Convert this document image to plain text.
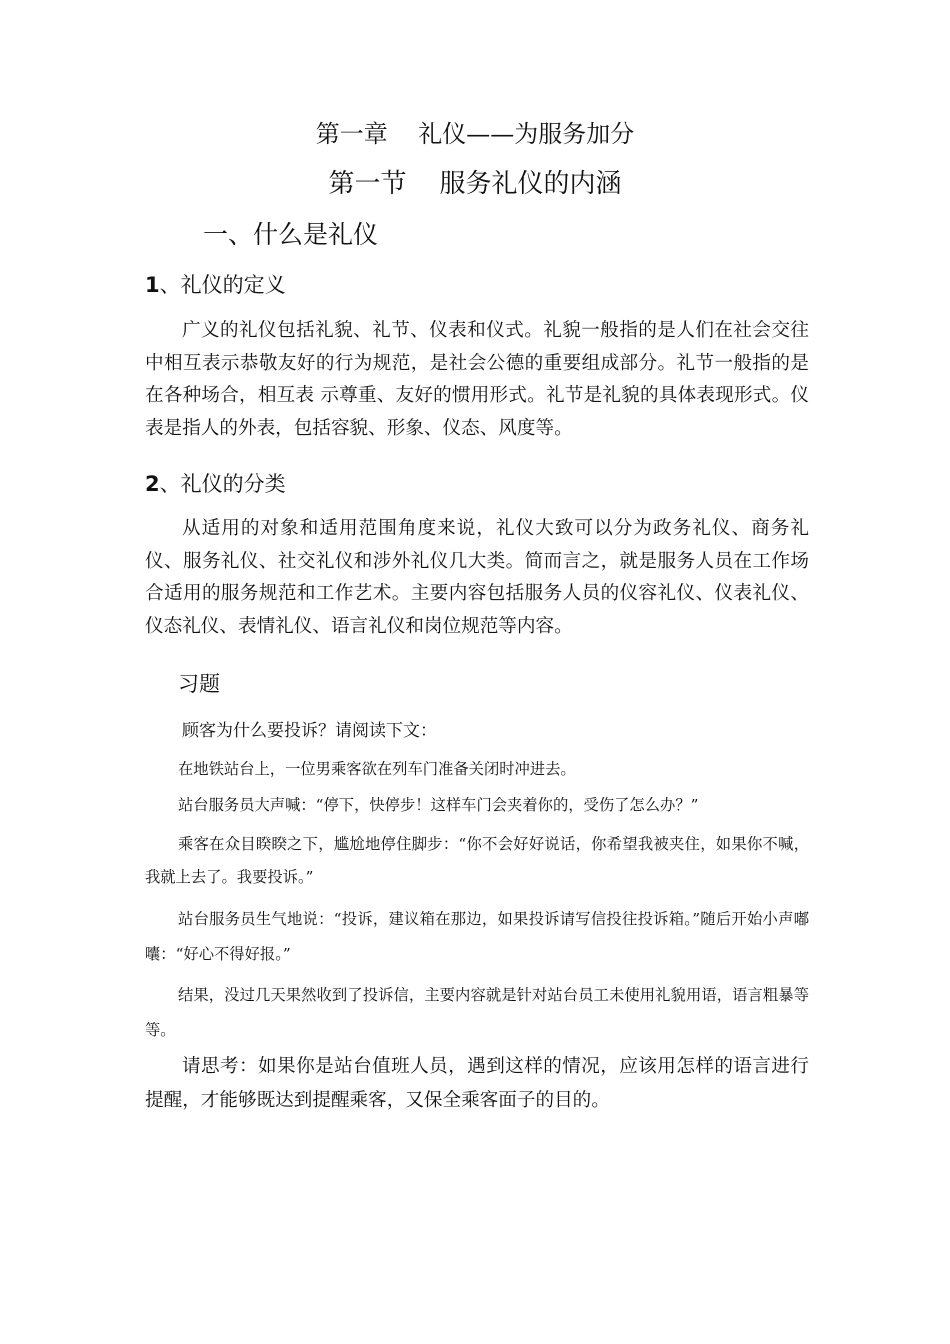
第一章    礼仪——为服务加分
第一节    服务礼仪的内涵
一、什么是礼仪
1、礼仪的定义

广义的礼仪包括礼貌、礼节、仪表和仪式。礼貌一般指的是人们在社会交往中相互表示恭敬友好的行为规范，是社会公德的重要组成部分。礼节一般指的是在各种场合，相互表 示尊重、友好的惯用形式。礼节是礼貌的具体表现形式。仪表是指人的外表，包括容貌、形象、仪态、风度等。

2、礼仪的分类

从适用的对象和适用范围角度来说，礼仪大致可以分为政务礼仪、商务礼仪、服务礼仪、社交礼仪和涉外礼仪几大类。简而言之，就是服务人员在工作场合适用的服务规范和工作艺术。主要内容包括服务人员的仪容礼仪、仪表礼仪、仪态礼仪、表情礼仪、语言礼仪和岗位规范等内容。

习题
顾客为什么要投诉？请阅读下文：

在地铁站台上，一位男乘客欲在列车门准备关闭时冲进去。

站台服务员大声喊：“停下，快停步！这样车门会夹着你的，受伤了怎么办？”

乘客在众目睽睽之下，尴尬地停住脚步：“你不会好好说话，你希望我被夹住，如果你不喊，我就上去了。我要投诉。”

站台服务员生气地说：“投诉，建议箱在那边，如果投诉请写信投往投诉箱。”随后开始小声嘟囔：“好心不得好报。”

结果，没过几天果然收到了投诉信，主要内容就是针对站台员工未使用礼貌用语，语言粗暴等等。

请思考：如果你是站台值班人员，遇到这样的情况，应该用怎样的语言进行提醒，才能够既达到提醒乘客，又保全乘客面子的目的。
